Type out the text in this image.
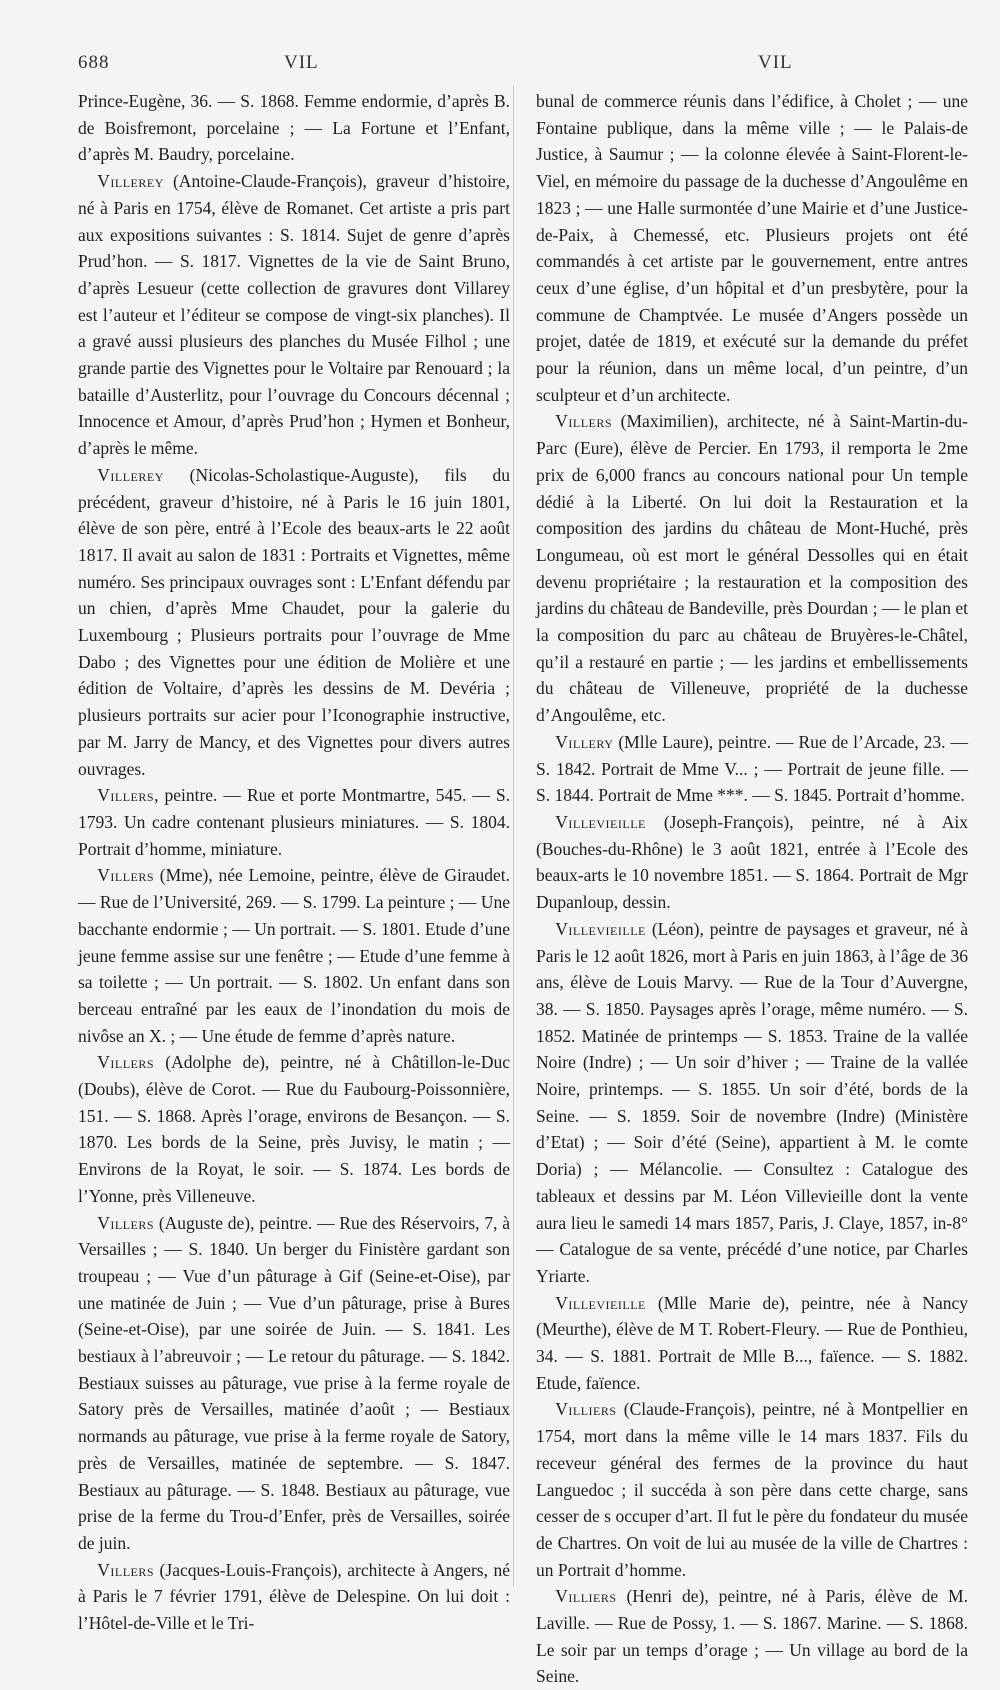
688	VIL	VIL

Prince-Eugène, 36. — S. 1868. Femme endormie, d’après B. de Boisfremont, porcelaine ; — La Fortune et l’Enfant, d’après M. Baudry, porcelaine.

Villerey (Antoine-Claude-François), graveur d’histoire, né à Paris en 1754, élève de Romanet. Cet artiste a pris part aux expositions suivantes : S. 1814. Sujet de genre d’après Prud’hon. — S. 1817. Vignettes de la vie de Saint Bruno, d’après Lesueur (cette collection de gravures dont Villarey est l’auteur et l’éditeur se compose de vingt-six planches). Il a gravé aussi plusieurs des planches du Musée Filhol ; une grande partie des Vignettes pour le Voltaire par Renouard ; la bataille d’Austerlitz, pour l’ouvrage du Concours décennal ; Innocence et Amour, d’après Prud’hon ; Hymen et Bonheur, d’après le même.

Villerey (Nicolas-Scholastique-Auguste), fils du précédent, graveur d’histoire, né à Paris le 16 juin 1801, élève de son père, entré à l’Ecole des beaux-arts le 22 août 1817. Il avait au salon de 1831 : Portraits et Vignettes, même numéro. Ses principaux ouvrages sont : L’Enfant défendu par un chien, d’après Mme Chaudet, pour la galerie du Luxembourg ; Plusieurs portraits pour l’ouvrage de Mme Dabo ; des Vignettes pour une édition de Molière et une édition de Voltaire, d’après les dessins de M. Devéria ; plusieurs portraits sur acier pour l’Iconographie instructive, par M. Jarry de Mancy, et des Vignettes pour divers autres ouvrages.

Villers, peintre. — Rue et porte Montmartre, 545. — S. 1793. Un cadre contenant plusieurs miniatures. — S. 1804. Portrait d’homme, miniature.

Villers (Mme), née Lemoine, peintre, élève de Giraudet. — Rue de l’Université, 269. — S. 1799. La peinture ; — Une bacchante endormie ; — Un portrait. — S. 1801. Etude d’une jeune femme assise sur une fenêtre ; — Etude d’une femme à sa toilette ; — Un portrait. — S. 1802. Un enfant dans son berceau entraîné par les eaux de l’inondation du mois de nivôse an X. ; — Une étude de femme d’après nature.

Villers (Adolphe de), peintre, né à Châtillon-le-Duc (Doubs), élève de Corot. — Rue du Faubourg-Poissonnière, 151. — S. 1868. Après l’orage, environs de Besançon. — S. 1870. Les bords de la Seine, près Juvisy, le matin ; — Environs de la Royat, le soir. — S. 1874. Les bords de l’Yonne, près Villeneuve.

Villers (Auguste de), peintre. — Rue des Réservoirs, 7, à Versailles ; — S. 1840. Un berger du Finistère gardant son troupeau ; — Vue d’un pâturage à Gif (Seine-et-Oise), par une matinée de Juin ; — Vue d’un pâturage, prise à Bures (Seine-et-Oise), par une soirée de Juin. — S. 1841. Les bestiaux à l’abreuvoir ; — Le retour du pâturage. — S. 1842. Bestiaux suisses au pâturage, vue prise à la ferme royale de Satory près de Versailles, matinée d’août ; — Bestiaux normands au pâturage, vue prise à la ferme royale de Satory, près de Versailles, matinée de septembre. — S. 1847. Bestiaux au pâturage. — S. 1848. Bestiaux au pâturage, vue prise de la ferme du Trou-d’Enfer, près de Versailles, soirée de juin.

Villers (Jacques-Louis-François), architecte à Angers, né à Paris le 7 février 1791, élève de Delespine. On lui doit : l’Hôtel-de-Ville et le Tri-

bunal de commerce réunis dans l’édifice, à Cholet ; — une Fontaine publique, dans la même ville ; — le Palais-de Justice, à Saumur ; — la colonne élevée à Saint-Florent-le-Viel, en mémoire du passage de la duchesse d’Angoulême en 1823 ; — une Halle surmontée d’une Mairie et d’une Justice-de-Paix, à Chemessé, etc. Plusieurs projets ont été commandés à cet artiste par le gouvernement, entre antres ceux d’une église, d’un hôpital et d’un presbytère, pour la commune de Champtvée. Le musée d’Angers possède un projet, datée de 1819, et exécuté sur la demande du préfet pour la réunion, dans un même local, d’un peintre, d’un sculpteur et d’un architecte.

Villers (Maximilien), architecte, né à Saint-Martin-du-Parc (Eure), élève de Percier. En 1793, il remporta le 2me prix de 6,000 francs au concours national pour Un temple dédié à la Liberté. On lui doit la Restauration et la composition des jardins du château de Mont-Huché, près Longumeau, où est mort le général Dessolles qui en était devenu propriétaire ; la restauration et la composition des jardins du château de Bandeville, près Dourdan ; — le plan et la composition du parc au château de Bruyères-le-Châtel, qu’il a restauré en partie ; — les jardins et embellissements du château de Villeneuve, propriété de la duchesse d’Angoulême, etc.

Villery (Mlle Laure), peintre. — Rue de l’Arcade, 23. — S. 1842. Portrait de Mme V... ; — Portrait de jeune fille. — S. 1844. Portrait de Mme ***. — S. 1845. Portrait d’homme.

Villevieille (Joseph-François), peintre, né à Aix (Bouches-du-Rhône) le 3 août 1821, entrée à l’Ecole des beaux-arts le 10 novembre 1851. — S. 1864. Portrait de Mgr Dupanloup, dessin.

Villevieille (Léon), peintre de paysages et graveur, né à Paris le 12 août 1826, mort à Paris en juin 1863, à l’âge de 36 ans, élève de Louis Marvy. — Rue de la Tour d’Auvergne, 38. — S. 1850. Paysages après l’orage, même numéro. — S. 1852. Matinée de printemps — S. 1853. Traine de la vallée Noire (Indre) ; — Un soir d’hiver ; — Traine de la vallée Noire, printemps. — S. 1855. Un soir d’été, bords de la Seine. — S. 1859. Soir de novembre (Indre) (Ministère d’Etat) ; — Soir d’été (Seine), appartient à M. le comte Doria) ; — Mélancolie. — Consultez : Catalogue des tableaux et dessins par M. Léon Villevieille dont la vente aura lieu le samedi 14 mars 1857, Paris, J. Claye, 1857, in-8° — Catalogue de sa vente, précédé d’une notice, par Charles Yriarte.

Villevieille (Mlle Marie de), peintre, née à Nancy (Meurthe), élève de M T. Robert-Fleury. — Rue de Ponthieu, 34. — S. 1881. Portrait de Mlle B..., faïence. — S. 1882. Etude, faïence.

Villiers (Claude-François), peintre, né à Montpellier en 1754, mort dans la même ville le 14 mars 1837. Fils du receveur général des fermes de la province du haut Languedoc ; il succéda à son père dans cette charge, sans cesser de s occuper d’art. Il fut le père du fondateur du musée de Chartres. On voit de lui au musée de la ville de Chartres : un Portrait d’homme.

Villiers (Henri de), peintre, né à Paris, élève de M. Laville. — Rue de Possy, 1. — S. 1867. Marine. — S. 1868. Le soir par un temps d’orage ; — Un village au bord de la Seine.
